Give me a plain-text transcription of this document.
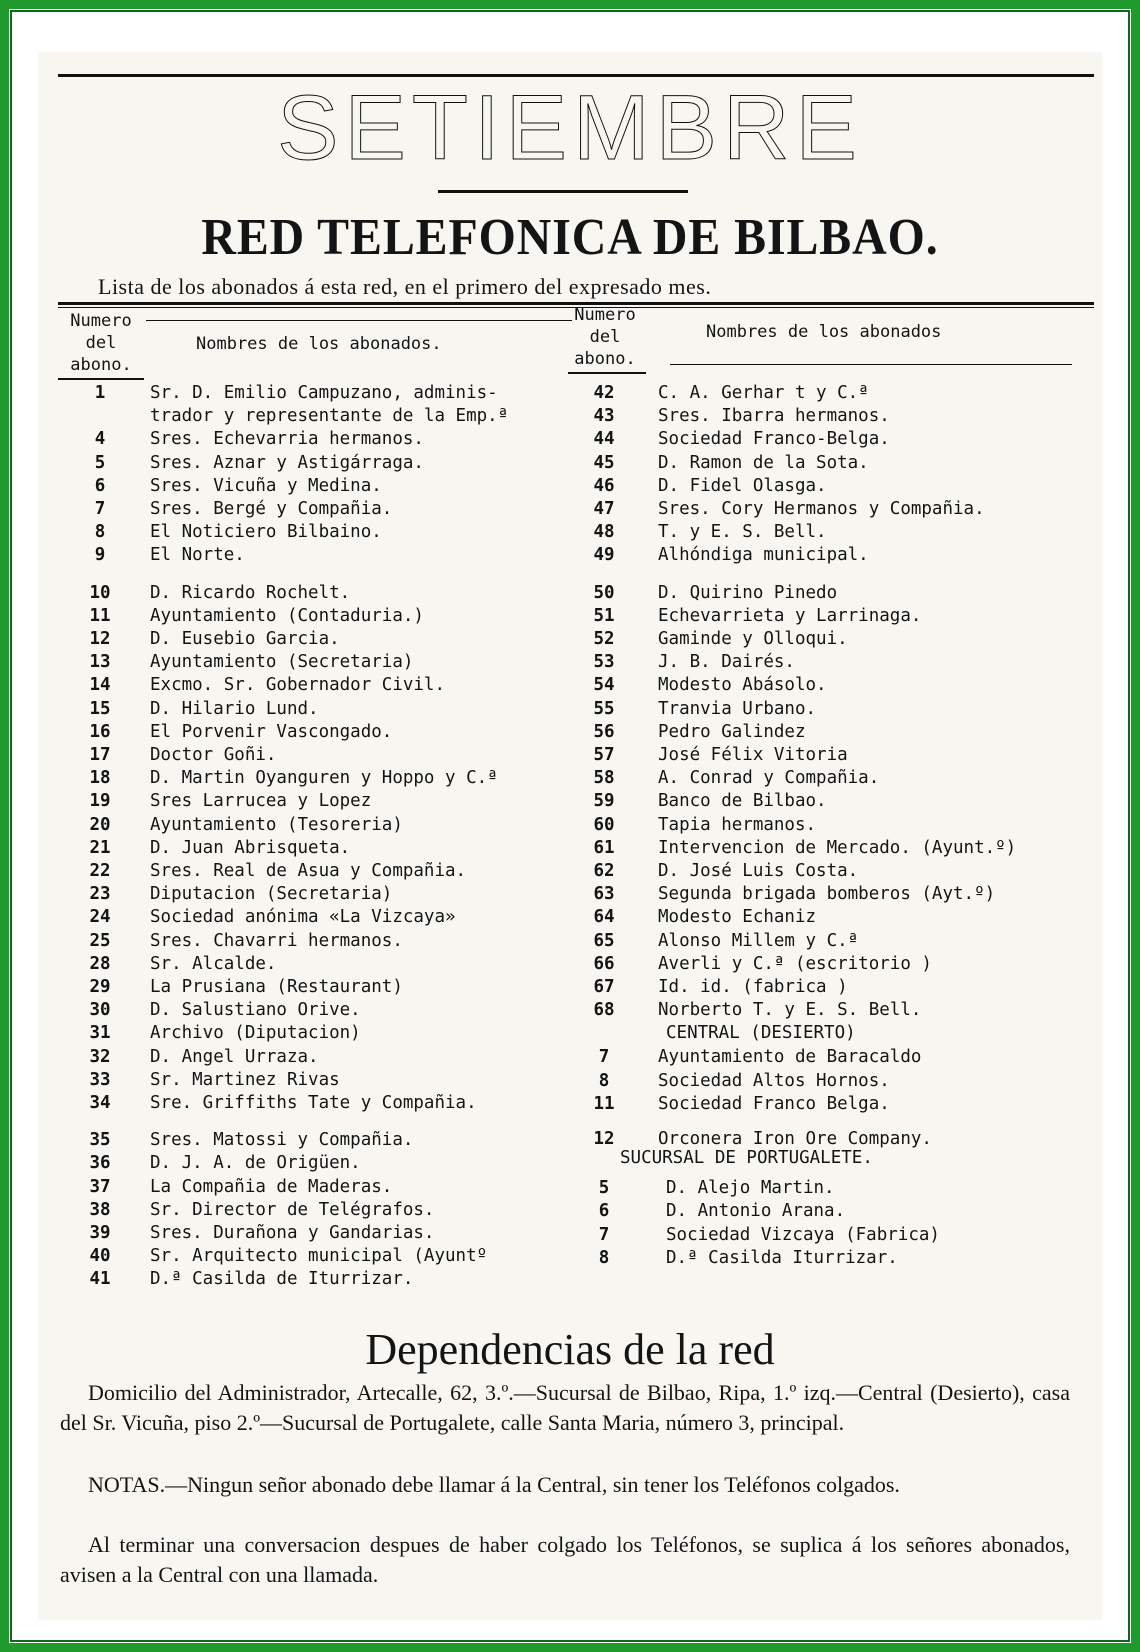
SETIEMBRE
RED TELEFONICA DE BILBAO.
Lista de los abonados á esta red, en el primero del expresado mes.
Numero
del
abono.
Nombres de los abonados.
Numero
del
abono.
Nombres de los abonados
1	Sr. D. Emilio Campuzano, adminis-
trador y representante de la Emp.ª
4	Sres. Echevarria hermanos.
5	Sres. Aznar y Astigárraga.
6	Sres. Vicuña y Medina.
7	Sres. Bergé y Compañia.
8	El Noticiero Bilbaino.
9	El Norte.
10	D. Ricardo Rochelt.
11	Ayuntamiento (Contaduria.)
12	D. Eusebio Garcia.
13	Ayuntamiento (Secretaria)
14	Excmo. Sr. Gobernador Civil.
15	D. Hilario Lund.
16	El Porvenir Vascongado.
17	Doctor Goñi.
18	D. Martin Oyanguren y Hoppo y C.ª
19	Sres Larrucea y Lopez
20	Ayuntamiento (Tesoreria)
21	D. Juan Abrisqueta.
22	Sres. Real de Asua y Compañia.
23	Diputacion (Secretaria)
24	Sociedad anónima «La Vizcaya»
25	Sres. Chavarri hermanos.
28	Sr. Alcalde.
29	La Prusiana (Restaurant)
30	D. Salustiano Orive.
31	Archivo (Diputacion)
32	D. Angel Urraza.
33	Sr. Martinez Rivas
34	Sre. Griffiths Tate y Compañia.
35	Sres. Matossi y Compañia.
36	D. J. A. de Origüen.
37	La Compañia de Maderas.
38	Sr. Director de Telégrafos.
39	Sres. Durañona y Gandarias.
40	Sr. Arquitecto municipal (Ayuntº
41	D.ª Casilda de Iturrizar.
42	C. A. Gerhar t y C.ª
43	Sres. Ibarra hermanos.
44	Sociedad Franco-Belga.
45	D. Ramon de la Sota.
46	D. Fidel Olasga.
47	Sres. Cory Hermanos y Compañia.
48	T. y E. S. Bell.
49	Alhóndiga municipal.
50	D. Quirino Pinedo
51	Echevarrieta y Larrinaga.
52	Gaminde y Olloqui.
53	J. B. Dairés.
54	Modesto Abásolo.
55	Tranvia Urbano.
56	Pedro Galindez
57	José Félix Vitoria
58	A. Conrad y Compañia.
59	Banco de Bilbao.
60	Tapia hermanos.
61	Intervencion de Mercado. (Ayunt.º)
62	D. José Luis Costa.
63	Segunda brigada bomberos (Ayt.º)
64	Modesto Echaniz
65	Alonso Millem y C.ª
66	Averli y C.ª (escritorio )
67	Id. id. (fabrica )
68	Norberto T. y E. S. Bell.
CENTRAL (DESIERTO)
7	Ayuntamiento de Baracaldo
8	Sociedad Altos Hornos.
11	Sociedad Franco Belga.
12	Orconera Iron Ore Company.
SUCURSAL DE PORTUGALETE.
5	D. Alejo Martin.
6	D. Antonio Arana.
7	Sociedad Vizcaya (Fabrica)
8	D.ª Casilda Iturrizar.
Dependencias de la red
Domicilio del Administrador, Artecalle, 62, 3.º.—Sucursal de Bilbao, Ripa, 1.º izq.—Central (Desierto), casa del Sr. Vicuña, piso 2.º—Sucursal de Portugalete, calle Santa Maria, número 3, principal.
NOTAS.—Ningun señor abonado debe llamar á la Central, sin tener los Teléfonos colgados.
Al terminar una conversacion despues de haber colgado los Teléfonos, se suplica á los señores abonados, avisen a la Central con una llamada.
